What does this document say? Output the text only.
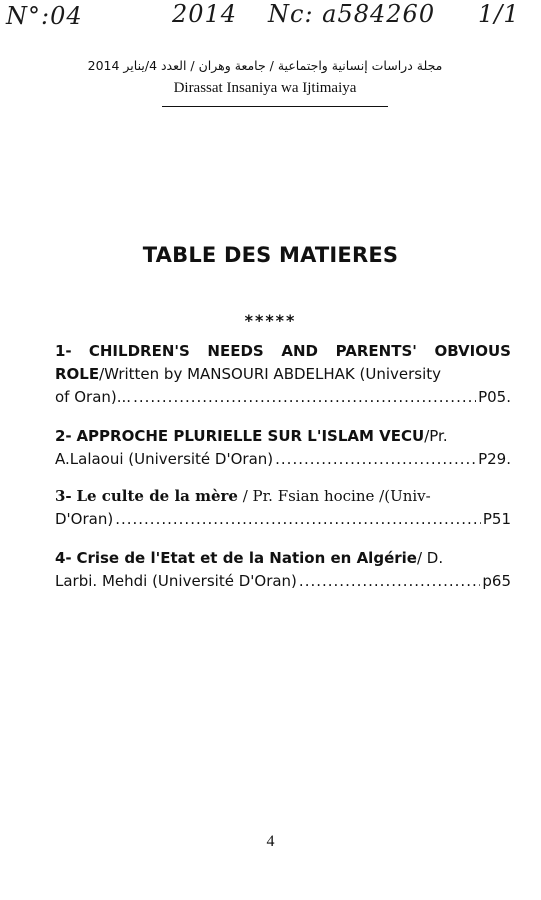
N°:04	2014 Nc: a584260 1/1
مجلة دراسات إنسانية واجتماعية / جامعة وهران / العدد 4/يناير 2014
Dirassat Insaniya wa Ijtimaiya
TABLE DES MATIERES
*****
1- CHILDREN'S NEEDS AND PARENTS' OBVIOUS
ROLE/Written by MANSOURI ABDELHAK (University
of Oran)... .....	P05.
2- APPROCHE PLURIELLE SUR L'ISLAM VECU/Pr.
A.Lalaoui (Université D'Oran) .....	P29.
3- Le culte de la mère / Pr. Fsian hocine /(Univ-
D'Oran) .....	P51
4- Crise de l'Etat et de la Nation en Algérie/ D.
Larbi. Mehdi (Université D'Oran) .....	p65
4
